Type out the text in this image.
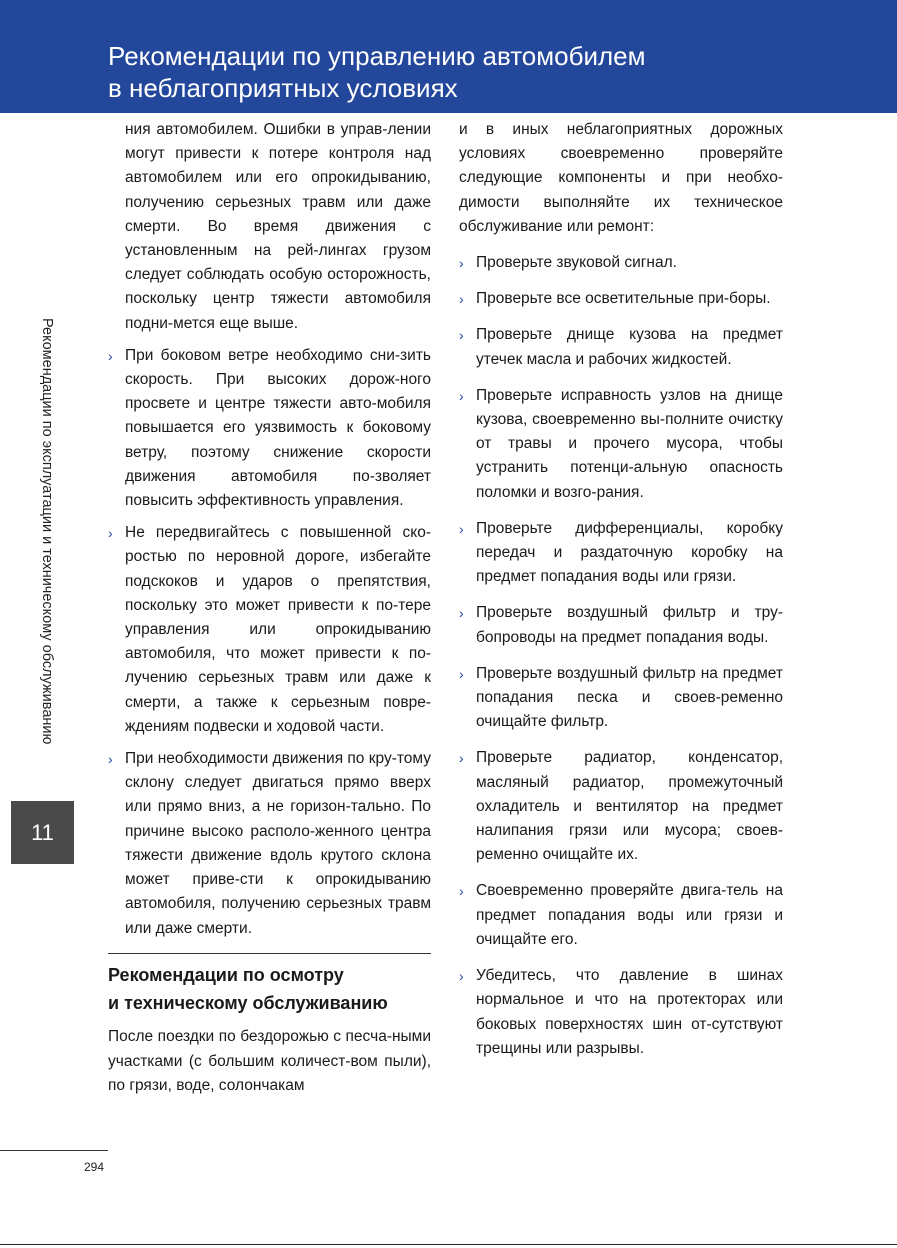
Рекомендации по управлению автомобилем
в неблагоприятных условиях
Рекомендации по эксплуатации и техническому обслуживанию
11

ния автомобилем. Ошибки в управ-лении могут привести к потере контроля над автомобилем или его опрокидыванию, получению серьезных травм или даже смерти. Во время движения с установленным на рей-лингах грузом следует соблюдать особую осторожность, поскольку центр тяжести автомобиля подни-мется еще выше.

› При боковом ветре необходимо сни-зить скорость. При высоких дорож-ного просвете и центре тяжести авто-мобиля повышается его уязвимость к боковому ветру, поэтому снижение скорости движения автомобиля по-зволяет повысить эффективность управления.

› Не передвигайтесь с повышенной ско-ростью по неровной дороге, избегайте подскоков и ударов о препятствия, поскольку это может привести к по-тере управления или опрокидыванию автомобиля, что может привести к по-лучению серьезных травм или даже к смерти, а также к серьезным повре-ждениям подвески и ходовой части.

› При необходимости движения по кру-тому склону следует двигаться прямо вверх или прямо вниз, а не горизон-тально. По причине высоко располо-женного центра тяжести движение вдоль крутого склона может приве-сти к опрокидыванию автомобиля, получению серьезных травм или даже смерти.

Рекомендации по осмотру
и техническому обслуживанию

После поездки по бездорожью с песча-ными участками (с большим количест-вом пыли), по грязи, воде, солончакам

и в иных неблагоприятных дорожных условиях своевременно проверяйте следующие компоненты и при необхо-димости выполняйте их техническое обслуживание или ремонт:

› Проверьте звуковой сигнал.

› Проверьте все осветительные при-боры.

› Проверьте днище кузова на предмет утечек масла и рабочих жидкостей.

› Проверьте исправность узлов на днище кузова, своевременно вы-полните очистку от травы и прочего мусора, чтобы устранить потенци-альную опасность поломки и возго-рания.

› Проверьте дифференциалы, коробку передач и раздаточную коробку на предмет попадания воды или грязи.

› Проверьте воздушный фильтр и тру-бопроводы на предмет попадания воды.

› Проверьте воздушный фильтр на предмет попадания песка и своев-ременно очищайте фильтр.

› Проверьте радиатор, конденсатор, масляный радиатор, промежуточный охладитель и вентилятор на предмет налипания грязи или мусора; своев-ременно очищайте их.

› Своевременно проверяйте двига-тель на предмет попадания воды или грязи и очищайте его.

› Убедитесь, что давление в шинах нормальное и что на протекторах или боковых поверхностях шин от-сутствуют трещины или разрывы.

294
